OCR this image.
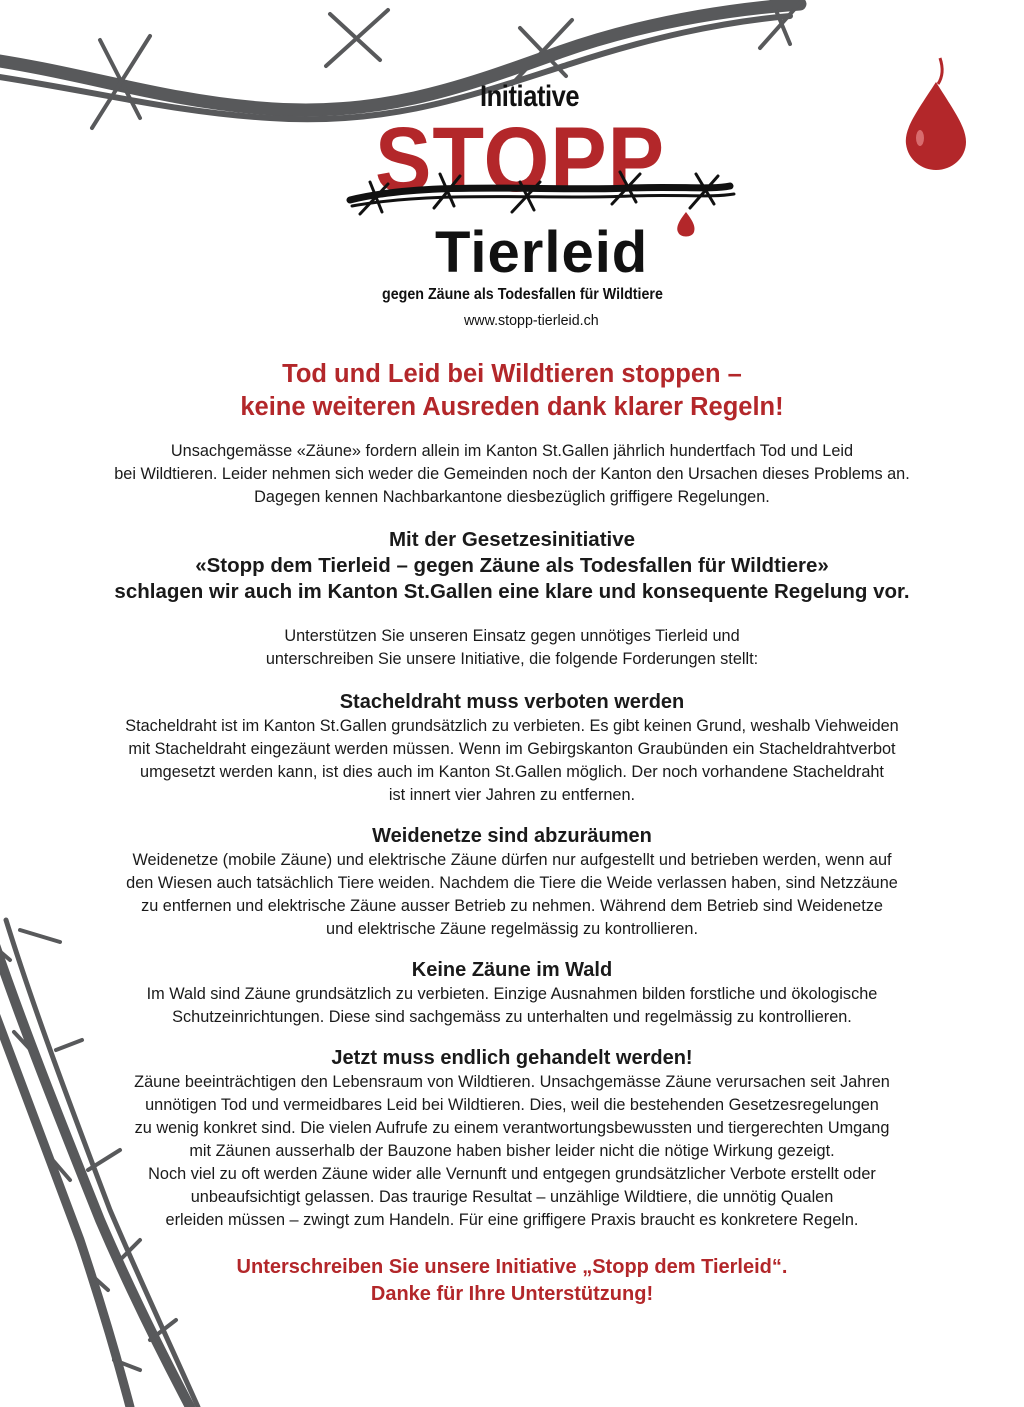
Initiative
STOPP
Tierleid
gegen Zäune als Todesfallen für Wildtiere
www.stopp-tierleid.ch
Tod und Leid bei Wildtieren stoppen –
keine weiteren Ausreden dank klarer Regeln!

Unsachgemässe «Zäune» fordern allein im Kanton St.Gallen jährlich hundertfach Tod und Leid
bei Wildtieren. Leider nehmen sich weder die Gemeinden noch der Kanton den Ursachen dieses Problems an.
Dagegen kennen Nachbarkantone diesbezüglich griffigere Regelungen.

Mit der Gesetzesinitiative
«Stopp dem Tierleid – gegen Zäune als Todesfallen für Wildtiere»
schlagen wir auch im Kanton St.Gallen eine klare und konsequente Regelung vor.

Unterstützen Sie unseren Einsatz gegen unnötiges Tierleid und
unterschreiben Sie unsere Initiative, die folgende Forderungen stellt:

Stacheldraht muss verboten werden

Stacheldraht ist im Kanton St.Gallen grundsätzlich zu verbieten. Es gibt keinen Grund, weshalb Viehweiden
mit Stacheldraht eingezäunt werden müssen. Wenn im Gebirgskanton Graubünden ein Stacheldrahtverbot
umgesetzt werden kann, ist dies auch im Kanton St.Gallen möglich. Der noch vorhandene Stacheldraht
ist innert vier Jahren zu entfernen.

Weidenetze sind abzuräumen

Weidenetze (mobile Zäune) und elektrische Zäune dürfen nur aufgestellt und betrieben werden, wenn auf
den Wiesen auch tatsächlich Tiere weiden. Nachdem die Tiere die Weide verlassen haben, sind Netzzäune
zu entfernen und elektrische Zäune ausser Betrieb zu nehmen. Während dem Betrieb sind Weidenetze
und elektrische Zäune regelmässig zu kontrollieren.

Keine Zäune im Wald

Im Wald sind Zäune grundsätzlich zu verbieten. Einzige Ausnahmen bilden forstliche und ökologische
Schutzeinrichtungen. Diese sind sachgemäss zu unterhalten und regelmässig zu kontrollieren.

Jetzt muss endlich gehandelt werden!

Zäune beeinträchtigen den Lebensraum von Wildtieren. Unsachgemässe Zäune verursachen seit Jahren
unnötigen Tod und vermeidbares Leid bei Wildtieren. Dies, weil die bestehenden Gesetzesregelungen
zu wenig konkret sind. Die vielen Aufrufe zu einem verantwortungsbewussten und tiergerechten Umgang
mit Zäunen ausserhalb der Bauzone haben bisher leider nicht die nötige Wirkung gezeigt.
Noch viel zu oft werden Zäune wider alle Vernunft und entgegen grundsätzlicher Verbote erstellt oder
unbeaufsichtigt gelassen. Das traurige Resultat – unzählige Wildtiere, die unnötig Qualen
erleiden müssen – zwingt zum Handeln. Für eine griffigere Praxis braucht es konkretere Regeln.

Unterschreiben Sie unsere Initiative „Stopp dem Tierleid“.
Danke für Ihre Unterstützung!
